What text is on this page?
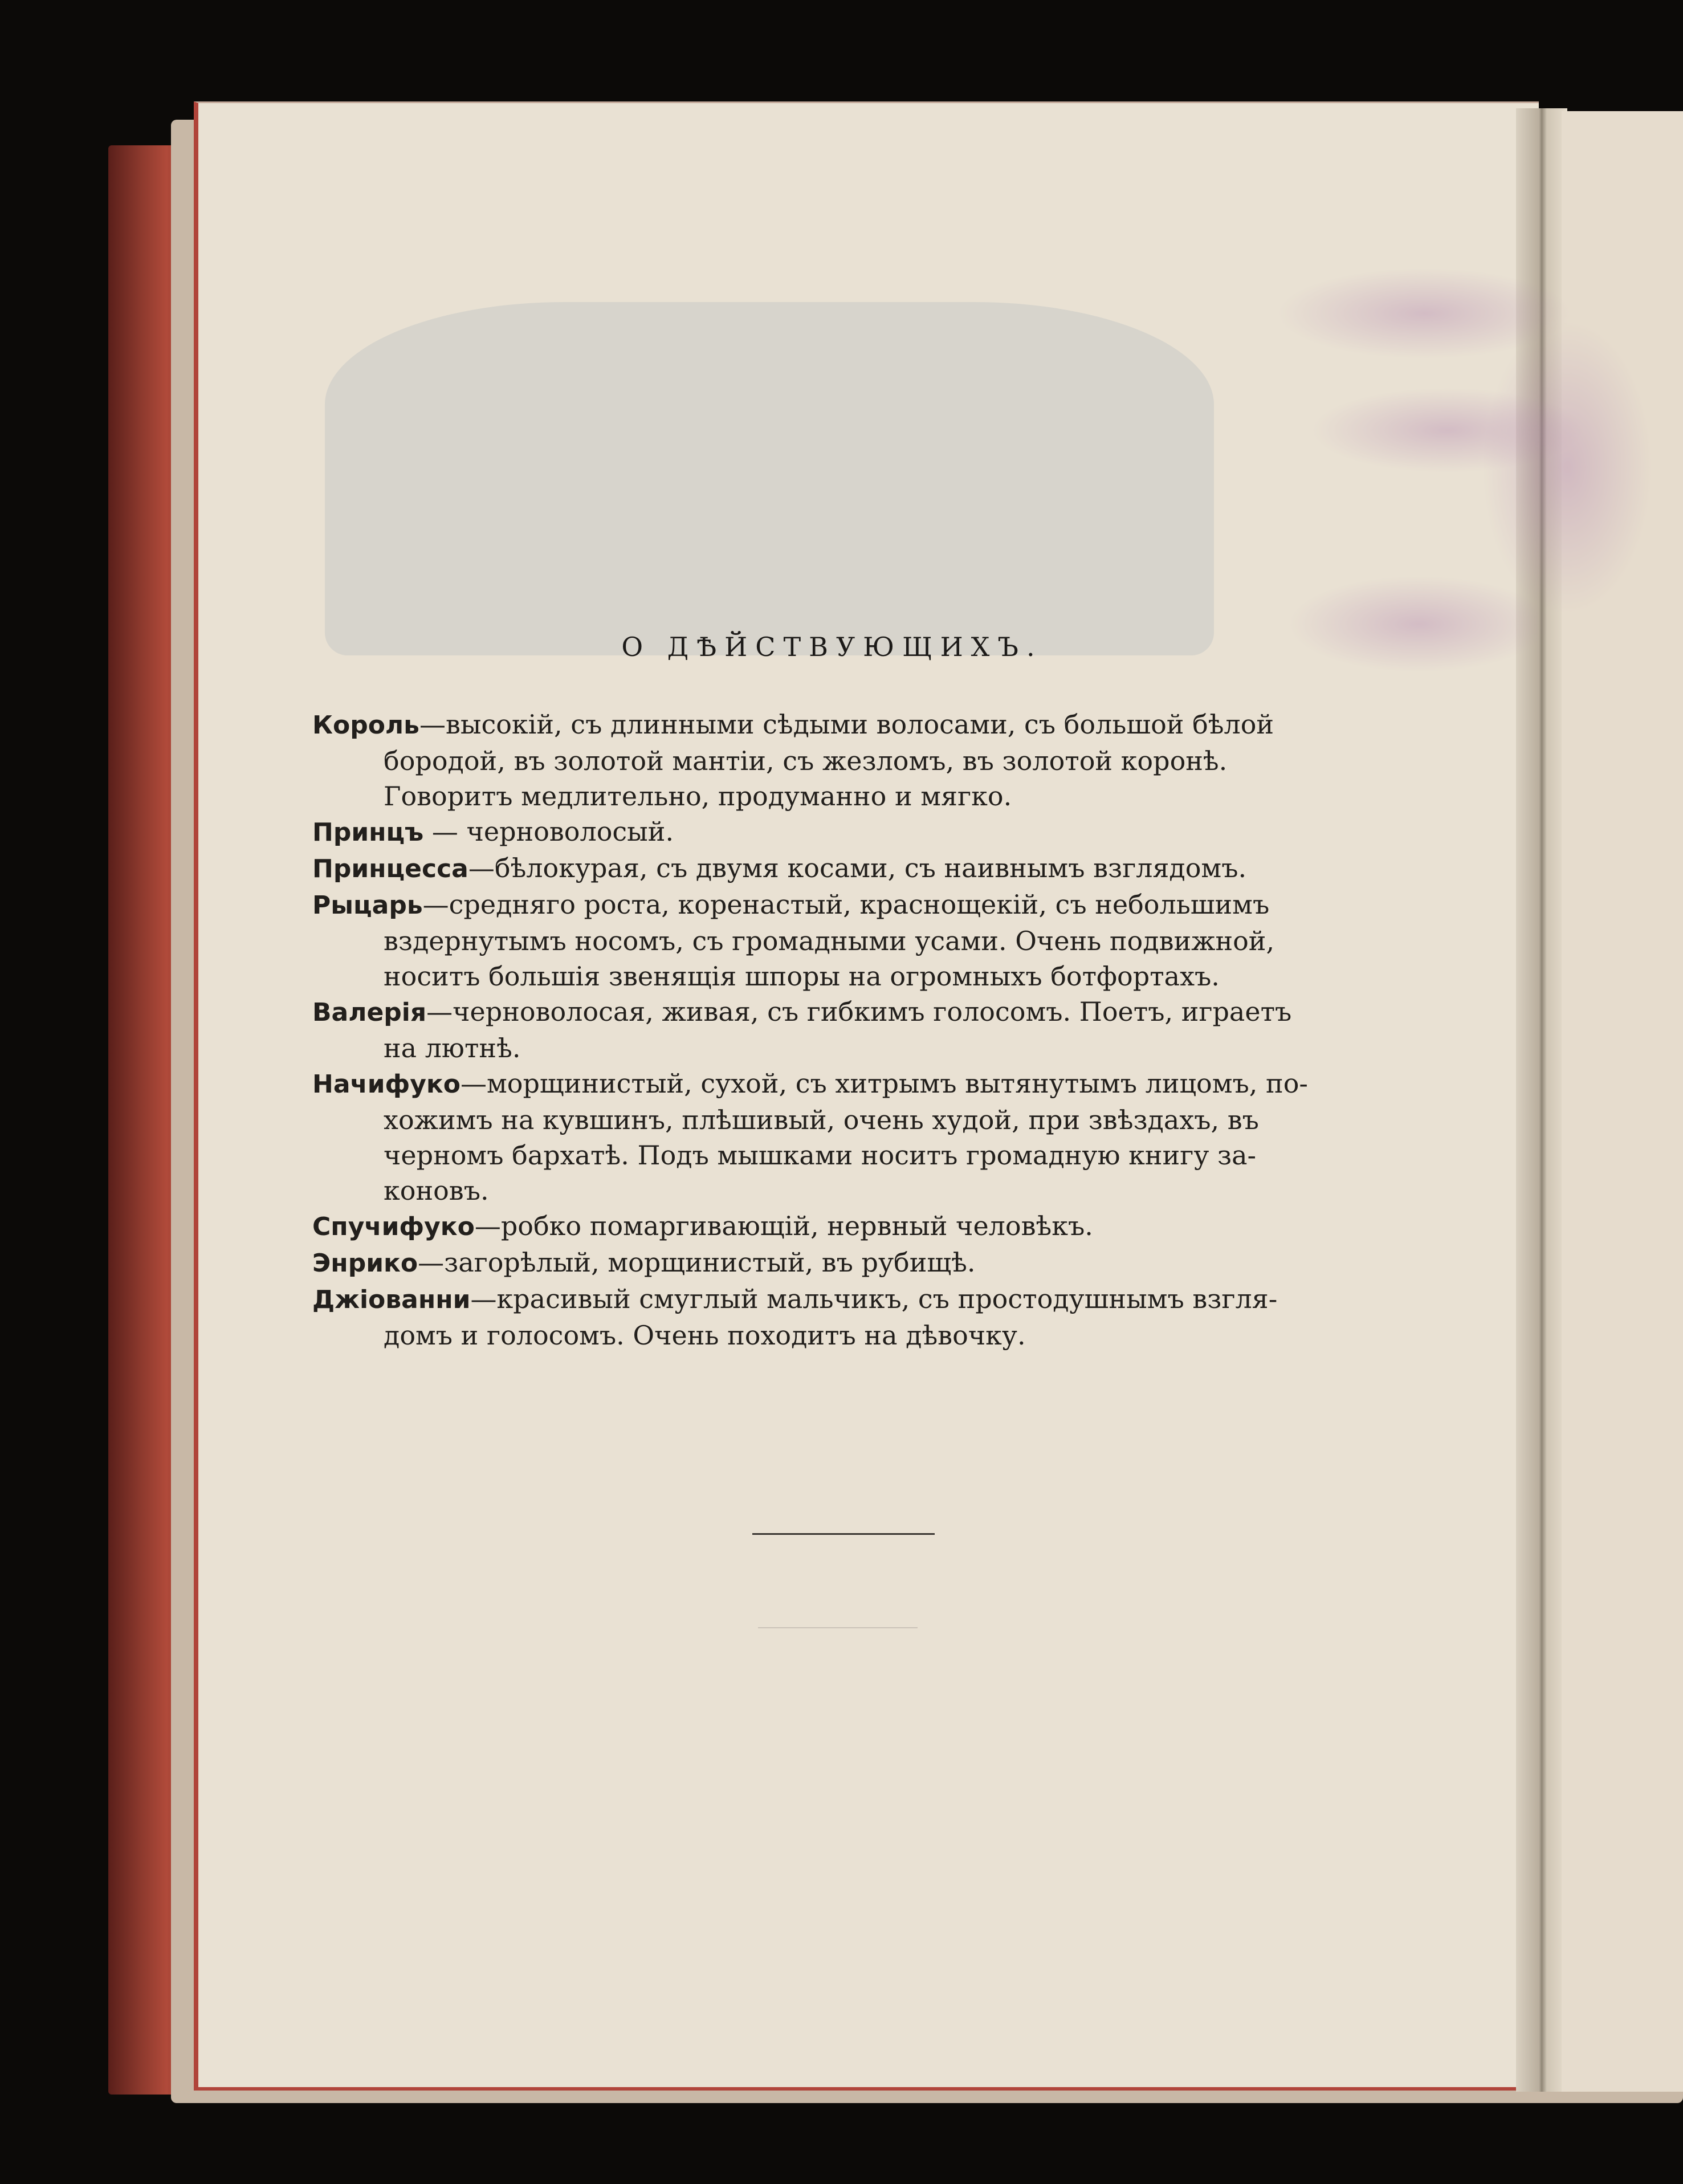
О ДѢЙСТВУЮЩИХЪ.
Король—высокій, съ длинными сѣдыми волосами, съ большой бѣлой
бородой, въ золотой мантіи, съ жезломъ, въ золотой коронѣ.
Говоритъ медлительно, продуманно и мягко.
Принцъ — черноволосый.
Принцесса—бѣлокурая, съ двумя косами, съ наивнымъ взглядомъ.
Рыцарь—средняго роста, коренастый, краснощекій, съ небольшимъ
вздернутымъ носомъ, съ громадными усами. Очень подвижной,
носитъ большія звенящія шпоры на огромныхъ ботфортахъ.
Валерія—черноволосая, живая, съ гибкимъ голосомъ. Поетъ, играетъ
на лютнѣ.
Начифуко—морщинистый, сухой, съ хитрымъ вытянутымъ лицомъ, по-
хожимъ на кувшинъ, плѣшивый, очень худой, при звѣздахъ, въ
черномъ бархатѣ. Подъ мышками носитъ громадную книгу за-
коновъ.
Спучифуко—робко помаргивающій, нервный человѣкъ.
Энрико—загорѣлый, морщинистый, въ рубищѣ.
Джіованни—красивый смуглый мальчикъ, съ простодушнымъ взгля-
домъ и голосомъ. Очень походитъ на дѣвочку.
